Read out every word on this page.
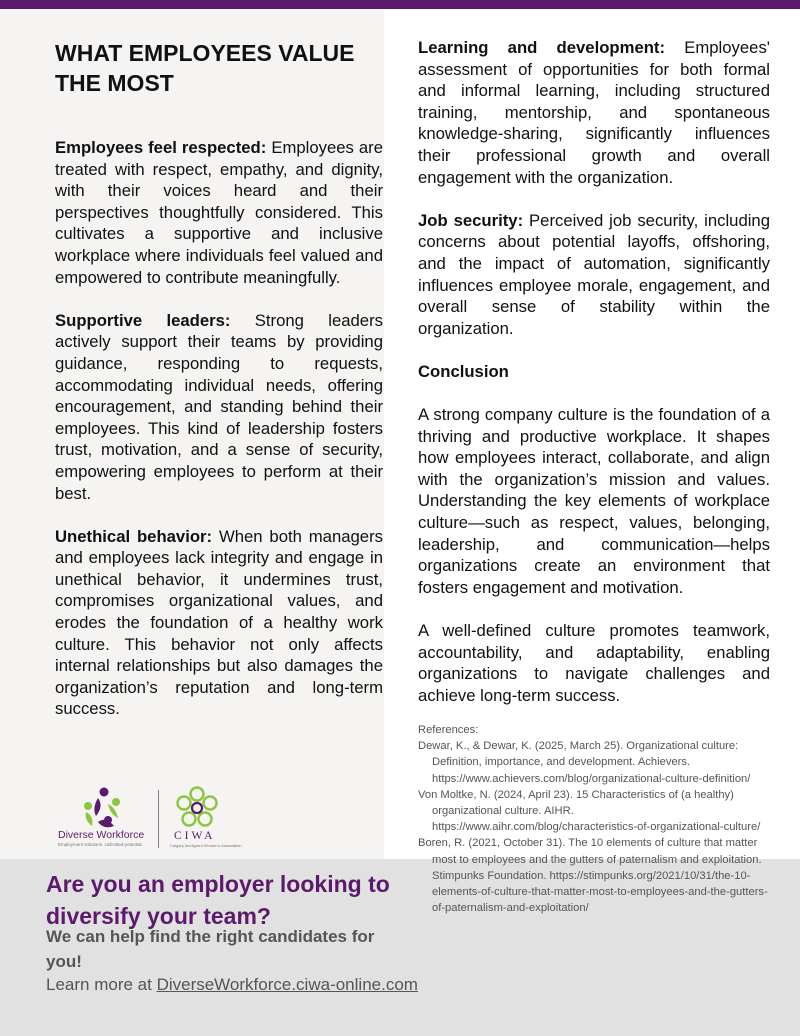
WHAT EMPLOYEES VALUE THE MOST

Employees feel respected: Employees are treated with respect, empathy, and dignity, with their voices heard and their perspectives thoughtfully considered. This cultivates a supportive and inclusive workplace where individuals feel valued and empowered to contribute meaningfully.

Supportive leaders: Strong leaders actively support their teams by providing guidance, responding to requests, accommodating individual needs, offering encouragement, and standing behind their employees. This kind of leadership fosters trust, motivation, and a sense of security, empowering employees to perform at their best.

Unethical behavior: When both managers and employees lack integrity and engage in unethical behavior, it undermines trust, compromises organizational values, and erodes the foundation of a healthy work culture. This behavior not only affects internal relationships but also damages the organization’s reputation and long-term success.

Learning and development: Employees' assessment of opportunities for both formal and informal learning, including structured training, mentorship, and spontaneous knowledge-sharing, significantly influences their professional growth and overall engagement with the organization.

Job security: Perceived job security, including concerns about potential layoffs, offshoring, and the impact of automation, significantly influences employee morale, engagement, and overall sense of stability within the organization.

Conclusion

A strong company culture is the foundation of a thriving and productive workplace. It shapes how employees interact, collaborate, and align with the organization’s mission and values. Understanding the key elements of workplace culture—such as respect, values, belonging, leadership, and communication—helps organizations create an environment that fosters engagement and motivation.

A well-defined culture promotes teamwork, accountability, and adaptability, enabling organizations to navigate challenges and achieve long-term success.

References:
Dewar, K., & Dewar, K. (2025, March 25). Organizational culture: Definition, importance, and development. Achievers. https://www.achievers.com/blog/organizational-culture-definition/
Von Moltke, N. (2024, April 23). 15 Characteristics of (a healthy) organizational culture. AIHR. https://www.aihr.com/blog/characteristics-of-organizational-culture/
Boren, R. (2021, October 31). The 10 elements of culture that matter most to employees and the gutters of paternalism and exploitation. Stimpunks Foundation. https://stimpunks.org/2021/10/31/the-10-elements-of-culture-that-matter-most-to-employees-and-the-gutters-of-paternalism-and-exploitation/
Diverse Workforce
Employment solutions. Unlimited potential.
CIWA
Calgary Immigrant Women's Association
Are you an employer looking to diversify your team?
We can help find the right candidates for you!
Learn more at DiverseWorkforce.ciwa-online.com
